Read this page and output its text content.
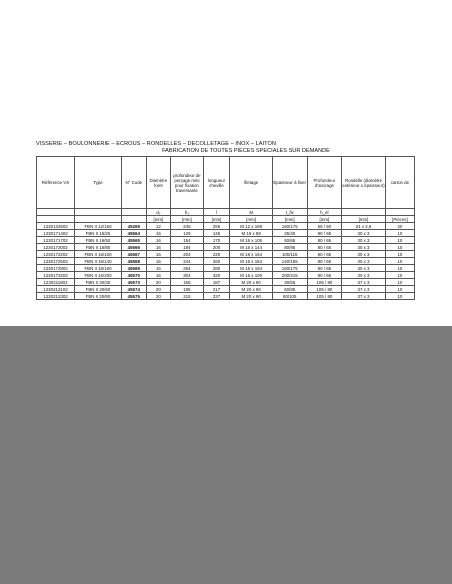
VISSERIE – BOULONNERIE – ECROUS – RONDELLES – DECOLLETAGE – INOX – LAITON
FABRICATION DE TOUTES PIECES SPECIALES SUR DEMANDE
Référence VS	Type	N° Code	Diamètre foret	profondeur de perçage mini pour fixation traversante	longueur cheville	filetage	Epaisseur à fixer	Profondeur d'ancrage	Rondelle (diamètre extérieur x épaisseur)	carton de
			d₀	h₁	l	M	t_fix	h_ef		
			[mm]	[mm]	[mm]	[mm]	[mm]	[mm]	[mm]	[Pièces]
1230132502	FBN II 12/160	45269	12	245	256	M 12 x 189	160/175	65 / 50	24 x 2,5	20
1230171402	FBN II 16/25	45564	16	129	145	M 16 x 89	25/40	80 / 65	30 x 3	10
1230171702	FBN II 16/50	45565	16	154	170	M 16 x 105	50/65	80 / 65	30 x 3	10
1230172002	FBN II 16/80	45566	16	184	200	M 16 x 144	80/95	80 / 65	30 x 3	10
1230172202	FBN II 16/100	45567	16	204	220	M 16 x 164	100/115	80 / 65	30 x 3	10
1230172602	FBN II 16/140	45568	16	244	260	M 16 x 184	140/155	80 / 65	30 x 3	10
1230172802	FBN II 16/160	45569	16	264	280	M 16 x 184	160/175	80 / 65	30 x 3	10
1230173202	FBN II 16/200	45570	16	304	320	M 16 x 100	200/215	80 / 65	30 x 3	10
1230211802	FBN II 20/30	45573	20	165	187	M 20 x 90	30/55	105 / 80	37 x 3	10
1230212102	FBN II 20/60	45574	20	195	217	M 20 x 90	60/85	105 / 80	37 x 3	10
1230212302	FBN II 20/80	45575	20	215	237	M 20 x 90	80/105	105 / 80	37 x 3	10
